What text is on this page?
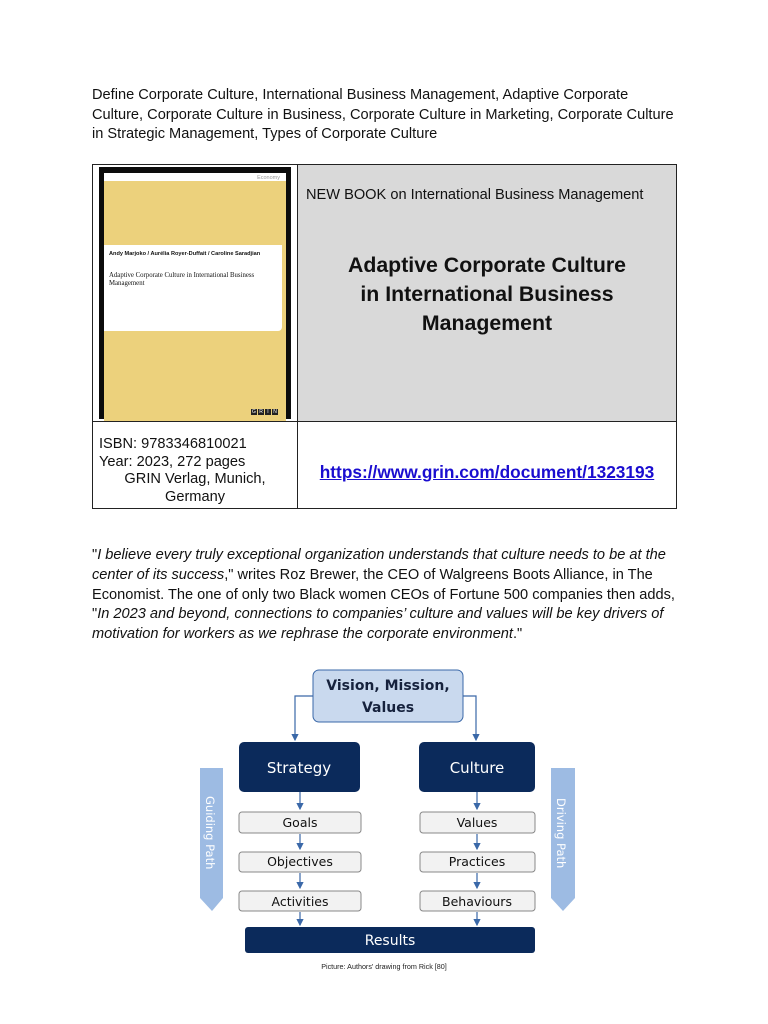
Define Corporate Culture, International Business Management, Adaptive Corporate Culture, Corporate Culture in Business, Corporate Culture in Marketing, Corporate Culture in Strategic Management, Types of Corporate Culture
Economy
Andy Marjoko / Aurélia Royer-Duffait / Caroline Saradjian
Adaptive Corporate Culture in International Business Management
G R I N
NEW BOOK on International Business Management
Adaptive Corporate Culture
in International Business
Management
ISBN: 9783346810021
Year: 2023, 272 pages
GRIN Verlag, Munich,
Germany
https://www.grin.com/document/1323193
"I believe every truly exceptional organization understands that culture needs to be at the center of its success," writes Roz Brewer, the CEO of Walgreens Boots Alliance, in The Economist. The one of only two Black women CEOs of Fortune 500 companies then adds, "In 2023 and beyond, connections to companies’ culture and values will be key drivers of motivation for workers as we rephrase the corporate environment."
Vision, Mission,
Values
Strategy	Culture
Goals
Objectives
Activities
Values
Practices
Behaviours
Results
Guiding Path	Driving Path
Picture: Authors' drawing from Rick [80]
